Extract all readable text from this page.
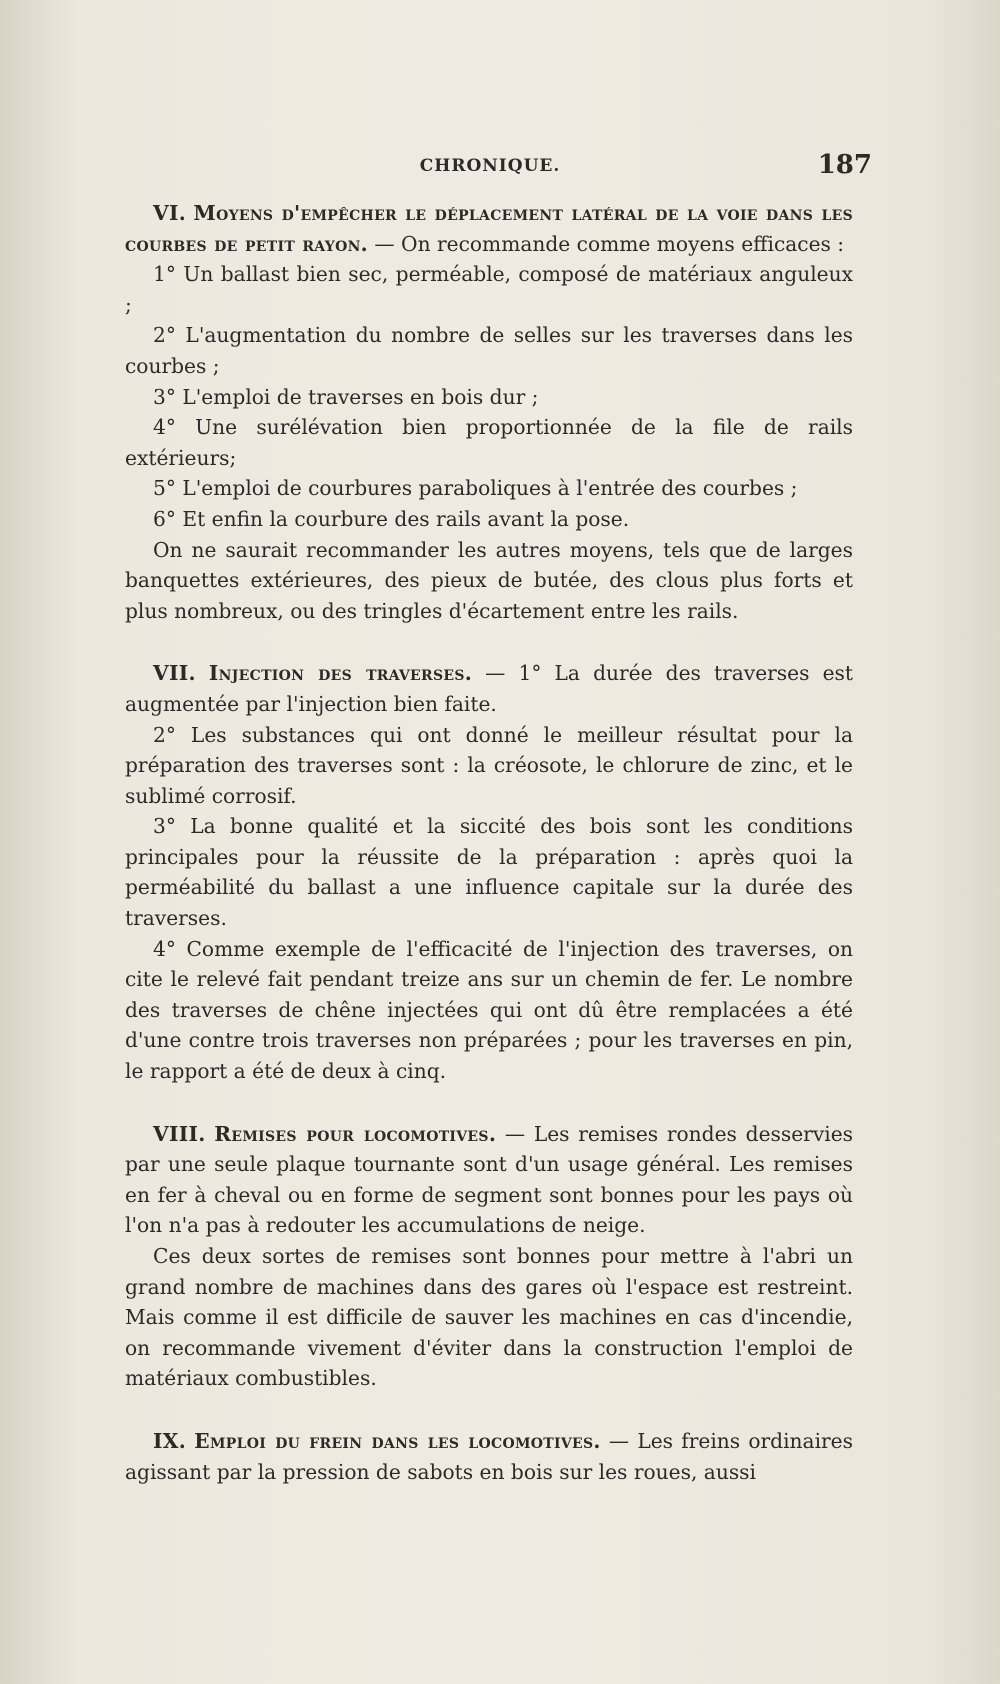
CHRONIQUE.	187

VI. Moyens d'empêcher le déplacement latéral de la voie dans les courbes de petit rayon. — On recommande comme moyens efficaces :

1° Un ballast bien sec, perméable, composé de matériaux anguleux ;

2° L'augmentation du nombre de selles sur les traverses dans les courbes ;

3° L'emploi de traverses en bois dur ;

4° Une surélévation bien proportionnée de la file de rails extérieurs;

5° L'emploi de courbures paraboliques à l'entrée des courbes ;

6° Et enfin la courbure des rails avant la pose.

On ne saurait recommander les autres moyens, tels que de larges banquettes extérieures, des pieux de butée, des clous plus forts et plus nombreux, ou des tringles d'écartement entre les rails.

VII. Injection des traverses. — 1° La durée des traverses est augmentée par l'injection bien faite.

2° Les substances qui ont donné le meilleur résultat pour la préparation des traverses sont : la créosote, le chlorure de zinc, et le sublimé corrosif.

3° La bonne qualité et la siccité des bois sont les conditions principales pour la réussite de la préparation : après quoi la perméabilité du ballast a une influence capitale sur la durée des traverses.

4° Comme exemple de l'efficacité de l'injection des traverses, on cite le relevé fait pendant treize ans sur un chemin de fer. Le nombre des traverses de chêne injectées qui ont dû être remplacées a été d'une contre trois traverses non préparées ; pour les traverses en pin, le rapport a été de deux à cinq.

VIII. Remises pour locomotives. — Les remises rondes desservies par une seule plaque tournante sont d'un usage général. Les remises en fer à cheval ou en forme de segment sont bonnes pour les pays où l'on n'a pas à redouter les accumulations de neige.

Ces deux sortes de remises sont bonnes pour mettre à l'abri un grand nombre de machines dans des gares où l'espace est restreint. Mais comme il est difficile de sauver les machines en cas d'incendie, on recommande vivement d'éviter dans la construction l'emploi de matériaux combustibles.

IX. Emploi du frein dans les locomotives. — Les freins ordinaires agissant par la pression de sabots en bois sur les roues, aussi
